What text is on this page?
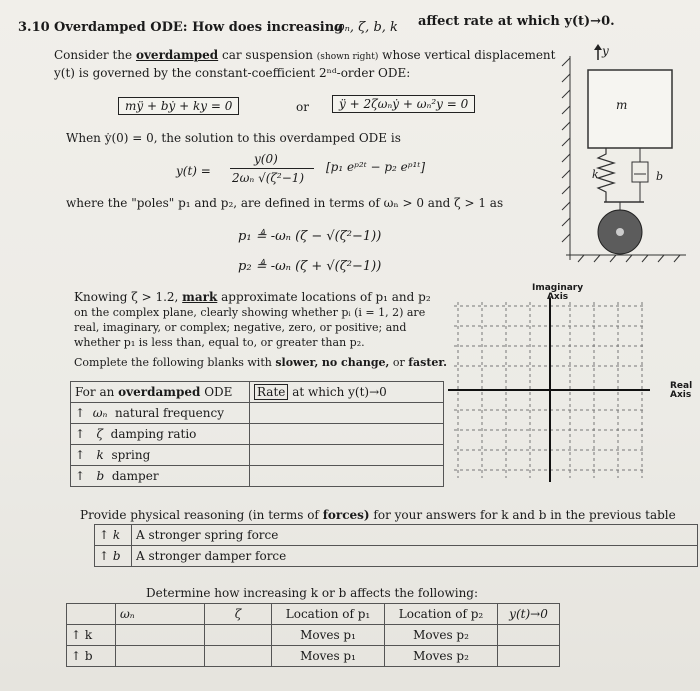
3.10 Overdamped ODE: How does increasing
ωₙ, ζ, b, k affect rate at which y(t)→0.
Consider the overdamped car suspension (shown right) whose vertical displacement
y(t) is governed by the constant-coefficient 2ⁿᵈ-order ODE:
mÿ + bẏ + ky = 0	or	ÿ + 2ζωₙẏ + ωₙ²y = 0
When ẏ(0) = 0, the solution to this overdamped ODE is
y(t) =
y(0)
2ωₙ √(ζ²−1)
[p₁ eᵖ²ᵗ − p₂ eᵖ¹ᵗ]
where the "poles" p₁ and p₂, are defined in terms of ωₙ > 0 and ζ > 1 as
p₁ ≜ -ωₙ (ζ − √(ζ²−1))
p₂ ≜ -ωₙ (ζ + √(ζ²−1))
Knowing ζ > 1.2, mark approximate locations of p₁ and p₂
on the complex plane, clearly showing whether pᵢ (i = 1, 2) are
real, imaginary, or complex; negative, zero, or positive; and
whether p₁ is less than, equal to, or greater than p₂.
Complete the following blanks with slower, no change, or faster.
For an overdamped ODE	Rate at which y(t)→0
↑ ωₙ natural frequency	
↑ ζ damping ratio	
↑ k spring	
↑ b damper	
Imaginary
Axis
Real
Axis
y
m
k	b
Provide physical reasoning (in terms of forces) for your answers for k and b in the previous table
↑ k	A stronger spring force
↑ b	A stronger damper force
Determine how increasing k or b affects the following:
	ωₙ	ζ	Location of p₁	Location of p₂	y(t)→0
↑ k			Moves p₁	Moves p₂	
↑ b			Moves p₁	Moves p₂	
